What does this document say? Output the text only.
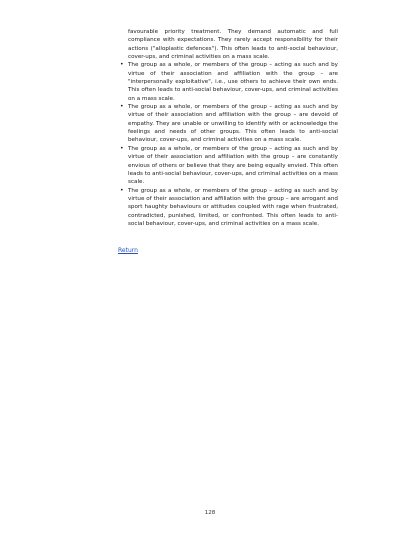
favourable priority treatment. They demand automatic and full compliance with expectations. They rarely accept responsibility for their actions ("alloplastic defences"). This often leads to anti-social behaviour, cover-ups, and criminal activities on a mass scale.

• The group as a whole, or members of the group – acting as such and by virtue of their association and affiliation with the group – are "interpersonally exploitative", i.e., use others to achieve their own ends. This often leads to anti-social behaviour, cover-ups, and criminal activities on a mass scale.
• The group as a whole, or members of the group – acting as such and by virtue of their association and affiliation with the group – are devoid of empathy. They are unable or unwilling to identify with or acknowledge the feelings and needs of other groups. This often leads to anti-social behaviour, cover-ups, and criminal activities on a mass scale.
• The group as a whole, or members of the group – acting as such and by virtue of their association and affiliation with the group – are constantly envious of others or believe that they are being equally envied. This often leads to anti-social behaviour, cover-ups, and criminal activities on a mass scale.
• The group as a whole, or members of the group – acting as such and by virtue of their association and affiliation with the group – are arrogant and sport haughty behaviours or attitudes coupled with rage when frustrated, contradicted, punished, limited, or confronted. This often leads to anti-social behaviour, cover-ups, and criminal activities on a mass scale.
Return
128
